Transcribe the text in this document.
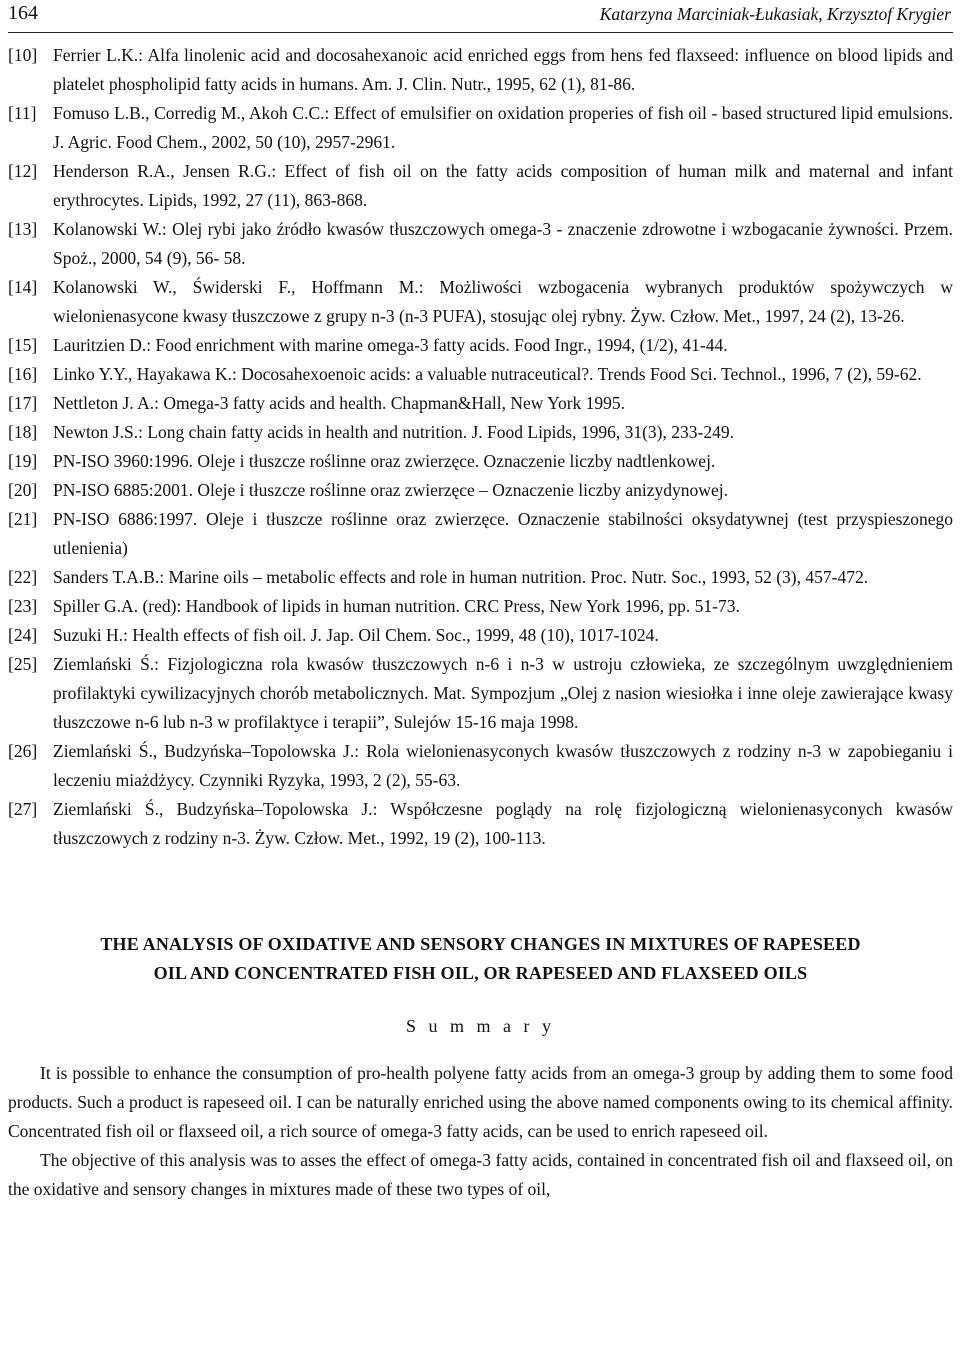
164	Katarzyna Marciniak-Łukasiak, Krzysztof Krygier
[10] Ferrier L.K.: Alfa linolenic acid and docosahexanoic acid enriched eggs from hens fed flaxseed: influence on blood lipids and platelet phospholipid fatty acids in humans. Am. J. Clin. Nutr., 1995, 62 (1), 81-86.
[11] Fomuso L.B., Corredig M., Akoh C.C.: Effect of emulsifier on oxidation properies of fish oil - based structured lipid emulsions. J. Agric. Food Chem., 2002, 50 (10), 2957-2961.
[12] Henderson R.A., Jensen R.G.: Effect of fish oil on the fatty acids composition of human milk and maternal and infant erythrocytes. Lipids, 1992, 27 (11), 863-868.
[13] Kolanowski W.: Olej rybi jako źródło kwasów tłuszczowych omega-3 - znaczenie zdrowotne i wzbogacanie żywności. Przem. Spoż., 2000, 54 (9), 56- 58.
[14] Kolanowski W., Świderski F., Hoffmann M.: Możliwości wzbogacenia wybranych produktów spożywczych w wielonienasycone kwasy tłuszczowe z grupy n-3 (n-3 PUFA), stosując olej rybny. Żyw. Człow. Met., 1997, 24 (2), 13-26.
[15] Lauritzien D.: Food enrichment with marine omega-3 fatty acids. Food Ingr., 1994, (1/2), 41-44.
[16] Linko Y.Y., Hayakawa K.: Docosahexoenoic acids: a valuable nutraceutical?. Trends Food Sci. Technol., 1996, 7 (2), 59-62.
[17] Nettleton J. A.: Omega-3 fatty acids and health. Chapman&Hall, New York 1995.
[18] Newton J.S.: Long chain fatty acids in health and nutrition. J. Food Lipids, 1996, 31(3), 233-249.
[19] PN-ISO 3960:1996. Oleje i tłuszcze roślinne oraz zwierzęce. Oznaczenie liczby nadtlenkowej.
[20] PN-ISO 6885:2001. Oleje i tłuszcze roślinne oraz zwierzęce – Oznaczenie liczby anizydynowej.
[21] PN-ISO 6886:1997. Oleje i tłuszcze roślinne oraz zwierzęce. Oznaczenie stabilności oksydatywnej (test przyspieszonego utlenienia)
[22] Sanders T.A.B.: Marine oils – metabolic effects and role in human nutrition. Proc. Nutr. Soc., 1993, 52 (3), 457-472.
[23] Spiller G.A. (red): Handbook of lipids in human nutrition. CRC Press, New York 1996, pp. 51-73.
[24] Suzuki H.: Health effects of fish oil. J. Jap. Oil Chem. Soc., 1999, 48 (10), 1017-1024.
[25] Ziemlański Ś.: Fizjologiczna rola kwasów tłuszczowych n-6 i n-3 w ustroju człowieka, ze szczególnym uwzględnieniem profilaktyki cywilizacyjnych chorób metabolicznych. Mat. Sympozjum „Olej z nasion wiesiołka i inne oleje zawierające kwasy tłuszczowe n-6 lub n-3 w profilaktyce i terapii”, Sulejów 15-16 maja 1998.
[26] Ziemlański Ś., Budzyńska–Topolowska J.: Rola wielonienasyconych kwasów tłuszczowych z rodziny n-3 w zapobieganiu i leczeniu miażdżycy. Czynniki Ryzyka, 1993, 2 (2), 55-63.
[27] Ziemlański Ś., Budzyńska–Topolowska J.: Współczesne poglądy na rolę fizjologiczną wielonienasyconych kwasów tłuszczowych z rodziny n-3. Żyw. Człow. Met., 1992, 19 (2), 100-113.
THE ANALYSIS OF OXIDATIVE AND SENSORY CHANGES IN MIXTURES OF RAPESEED
OIL AND CONCENTRATED FISH OIL, OR RAPESEED AND FLAXSEED OILS
S u m m a r y
It is possible to enhance the consumption of pro-health polyene fatty acids from an omega-3 group by adding them to some food products. Such a product is rapeseed oil. I can be naturally enriched using the above named components owing to its chemical affinity. Concentrated fish oil or flaxseed oil, a rich source of omega-3 fatty acids, can be used to enrich rapeseed oil.
The objective of this analysis was to asses the effect of omega-3 fatty acids, contained in concentrated fish oil and flaxseed oil, on the oxidative and sensory changes in mixtures made of these two types of oil,
